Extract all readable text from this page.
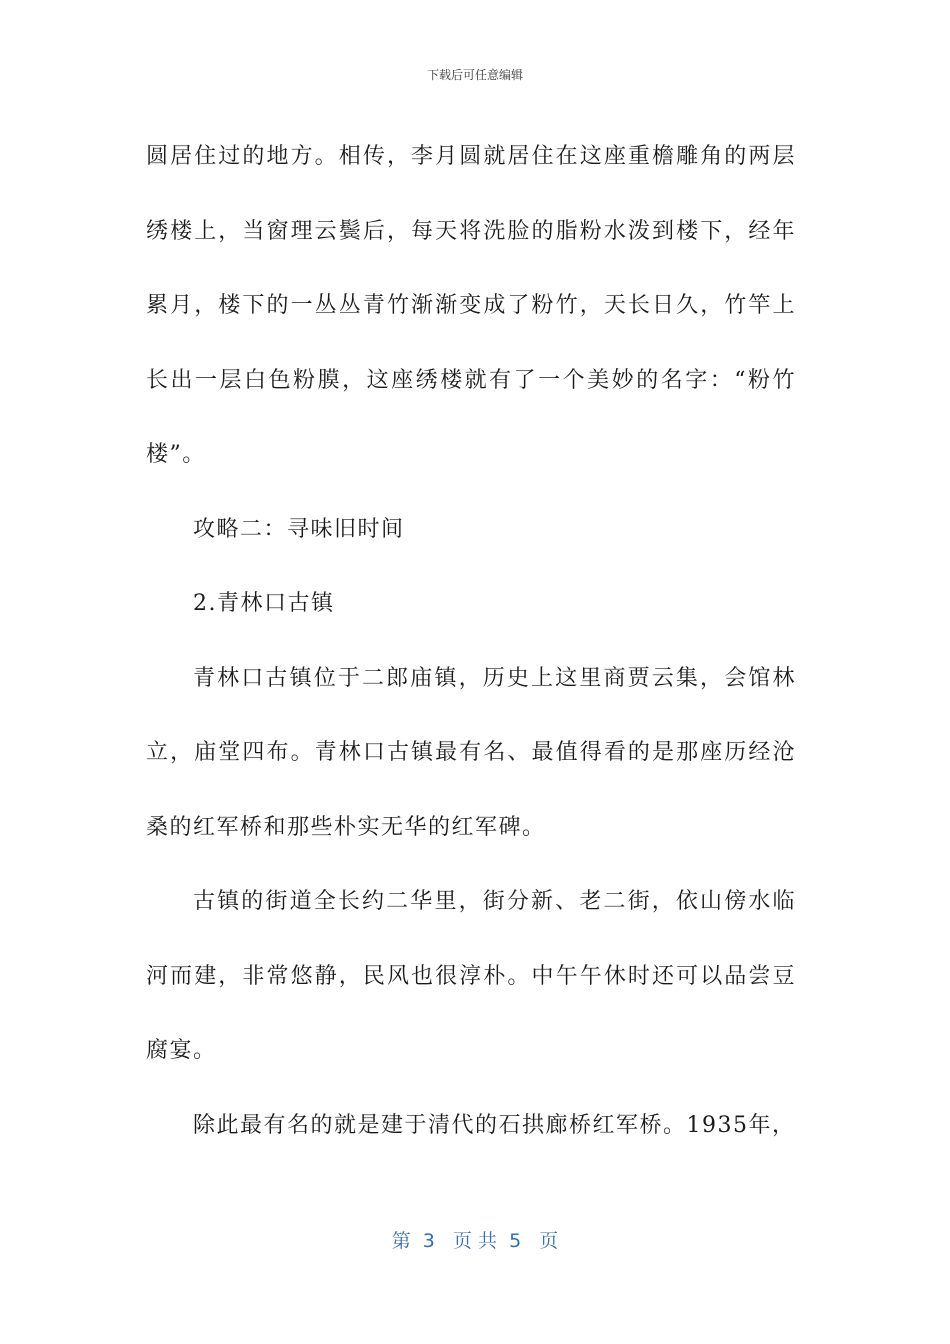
下载后可任意编辑

圆居住过的地方。相传，李月圆就居住在这座重檐雕角的两层绣楼上，当窗理云鬓后，每天将洗脸的脂粉水泼到楼下，经年累月，楼下的一丛丛青竹渐渐变成了粉竹，天长日久，竹竿上长出一层白色粉膜，这座绣楼就有了一个美妙的名字：“粉竹楼”。

攻略二：寻味旧时间

2.青林口古镇

青林口古镇位于二郎庙镇，历史上这里商贾云集，会馆林立，庙堂四布。青林口古镇最有名、最值得看的是那座历经沧桑的红军桥和那些朴实无华的红军碑。

古镇的街道全长约二华里，街分新、老二街，依山傍水临河而建，非常悠静，民风也很淳朴。中午午休时还可以品尝豆腐宴。

除此最有名的就是建于清代的石拱廊桥红军桥。1935年，

第  3   页 共  5   页
